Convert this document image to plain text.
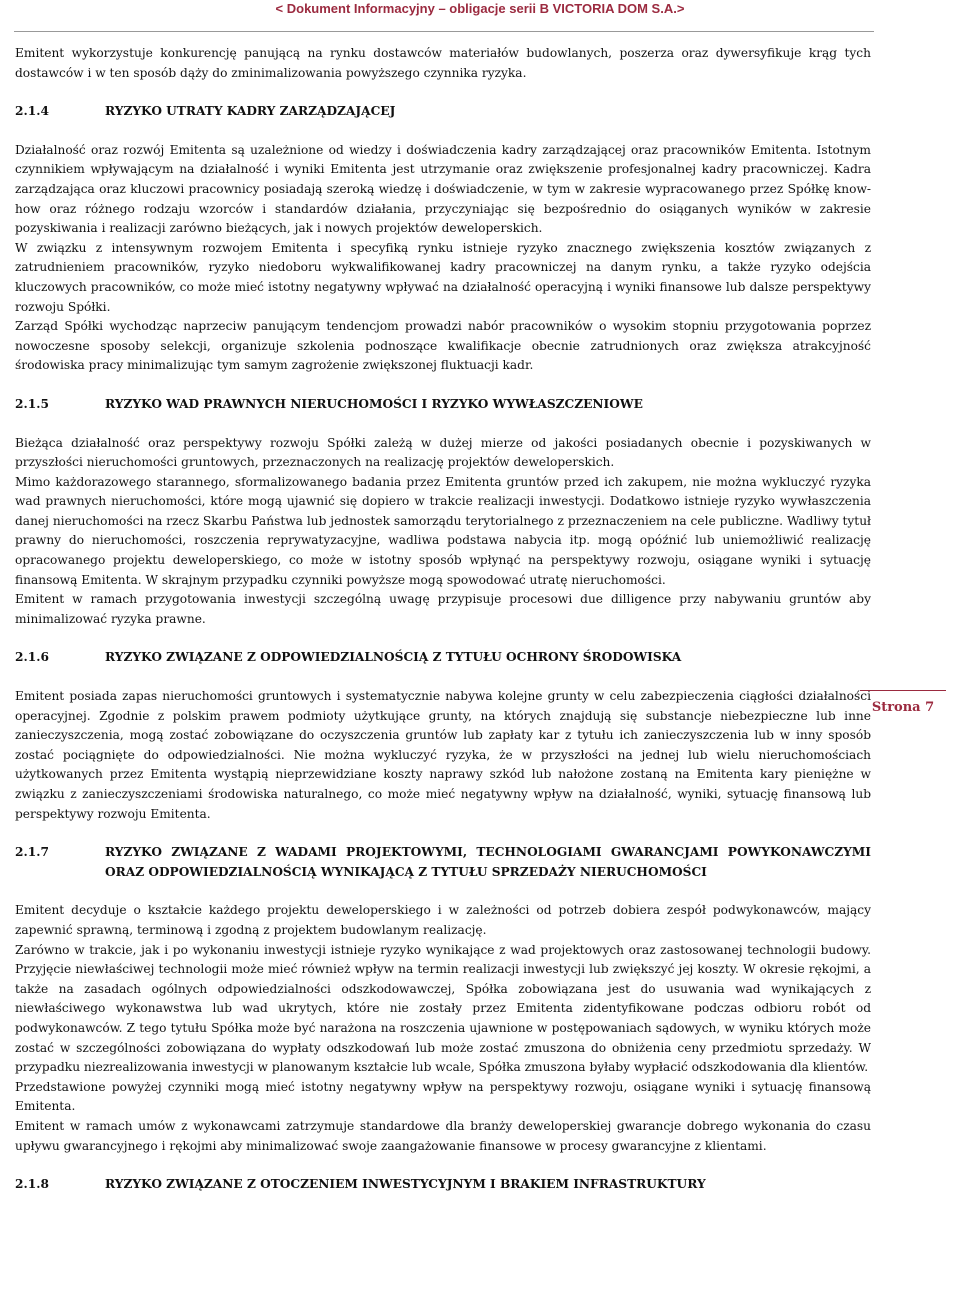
< Dokument Informacyjny – obligacje serii B VICTORIA DOM S.A.>
Strona 7

Emitent wykorzystuje konkurencję panującą na rynku dostawców materiałów budowlanych, poszerza oraz dywersyfikuje krąg tych dostawców i w ten sposób dąży do zminimalizowania powyższego czynnika ryzyka.

2.1.4	RYZYKO UTRATY KADRY ZARZĄDZAJĄCEJ

Działalność oraz rozwój Emitenta są uzależnione od wiedzy i doświadczenia kadry zarządzającej oraz pracowników Emitenta. Istotnym czynnikiem wpływającym na działalność i wyniki Emitenta jest utrzymanie oraz zwiększenie profesjonalnej kadry pracowniczej. Kadra zarządzająca oraz kluczowi pracownicy posiadają szeroką wiedzę i doświadczenie, w tym w zakresie wypracowanego przez Spółkę know-how oraz różnego rodzaju wzorców i standardów działania, przyczyniając się bezpośrednio do osiąganych wyników w zakresie pozyskiwania i realizacji zarówno bieżących, jak i nowych projektów deweloperskich.

W związku z intensywnym rozwojem Emitenta i specyfiką rynku istnieje ryzyko znacznego zwiększenia kosztów związanych z zatrudnieniem pracowników, ryzyko niedoboru wykwalifikowanej kadry pracowniczej na danym rynku, a także ryzyko odejścia kluczowych pracowników, co może mieć istotny negatywny wpływać na działalność operacyjną i wyniki finansowe lub dalsze perspektywy rozwoju Spółki.

Zarząd Spółki wychodząc naprzeciw panującym tendencjom prowadzi nabór pracowników o wysokim stopniu przygotowania poprzez nowoczesne sposoby selekcji, organizuje szkolenia podnoszące kwalifikacje obecnie zatrudnionych oraz zwiększa atrakcyjność środowiska pracy minimalizując tym samym zagrożenie zwiększonej fluktuacji kadr.

2.1.5	RYZYKO WAD PRAWNYCH NIERUCHOMOŚCI I RYZYKO WYWŁASZCZENIOWE

Bieżąca działalność oraz perspektywy rozwoju Spółki zależą w dużej mierze od jakości posiadanych obecnie i pozyskiwanych w przyszłości nieruchomości gruntowych, przeznaczonych na realizację projektów deweloperskich.

Mimo każdorazowego starannego, sformalizowanego badania przez Emitenta gruntów przed ich zakupem, nie można wykluczyć ryzyka wad prawnych nieruchomości, które mogą ujawnić się dopiero w trakcie realizacji inwestycji. Dodatkowo istnieje ryzyko wywłaszczenia danej nieruchomości na rzecz Skarbu Państwa lub jednostek samorządu terytorialnego z przeznaczeniem na cele publiczne. Wadliwy tytuł prawny do nieruchomości, roszczenia reprywatyzacyjne, wadliwa podstawa nabycia itp. mogą opóźnić lub uniemożliwić realizację opracowanego projektu deweloperskiego, co może w istotny sposób wpłynąć na perspektywy rozwoju, osiągane wyniki i sytuację finansową Emitenta. W skrajnym przypadku czynniki powyższe mogą spowodować utratę nieruchomości.

Emitent w ramach przygotowania inwestycji szczególną uwagę przypisuje procesowi due dilligence przy nabywaniu gruntów aby minimalizować ryzyka prawne.

2.1.6	RYZYKO ZWIĄZANE Z ODPOWIEDZIALNOŚCIĄ Z TYTUŁU OCHRONY ŚRODOWISKA

Emitent posiada zapas nieruchomości gruntowych i systematycznie nabywa kolejne grunty w celu zabezpieczenia ciągłości działalności operacyjnej. Zgodnie z polskim prawem podmioty użytkujące grunty, na których znajdują się substancje niebezpieczne lub inne zanieczyszczenia, mogą zostać zobowiązane do oczyszczenia gruntów lub zapłaty kar z tytułu ich zanieczyszczenia lub w inny sposób zostać pociągnięte do odpowiedzialności. Nie można wykluczyć ryzyka, że w przyszłości na jednej lub wielu nieruchomościach użytkowanych przez Emitenta wystąpią nieprzewidziane koszty naprawy szkód lub nałożone zostaną na Emitenta kary pieniężne w związku z zanieczyszczeniami środowiska naturalnego, co może mieć negatywny wpływ na działalność, wyniki, sytuację finansową lub perspektywy rozwoju Emitenta.

2.1.7	RYZYKO ZWIĄZANE Z WADAMI PROJEKTOWYMI, TECHNOLOGIAMI GWARANCJAMI POWYKONAWCZYMI ORAZ ODPOWIEDZIALNOŚCIĄ WYNIKAJĄCĄ Z TYTUŁU SPRZEDAŻY NIERUCHOMOŚCI

Emitent decyduje o kształcie każdego projektu deweloperskiego i w zależności od potrzeb dobiera zespół podwykonawców, mający zapewnić sprawną, terminową i zgodną z projektem budowlanym realizację.

Zarówno w trakcie, jak i po wykonaniu inwestycji istnieje ryzyko wynikające z wad projektowych oraz zastosowanej technologii budowy. Przyjęcie niewłaściwej technologii może mieć również wpływ na termin realizacji inwestycji lub zwiększyć jej koszty. W okresie rękojmi, a także na zasadach ogólnych odpowiedzialności odszkodowawczej, Spółka zobowiązana jest do usuwania wad wynikających z niewłaściwego wykonawstwa lub wad ukrytych, które nie zostały przez Emitenta zidentyfikowane podczas odbioru robót od podwykonawców. Z tego tytułu Spółka może być narażona na roszczenia ujawnione w postępowaniach sądowych, w wyniku których może zostać w szczególności zobowiązana do wypłaty odszkodowań lub może zostać zmuszona do obniżenia ceny przedmiotu sprzedaży. W przypadku niezrealizowania inwestycji w planowanym kształcie lub wcale, Spółka zmuszona byłaby wypłacić odszkodowania dla klientów.

Przedstawione powyżej czynniki mogą mieć istotny negatywny wpływ na perspektywy rozwoju, osiągane wyniki i sytuację finansową Emitenta.

Emitent w ramach umów z wykonawcami zatrzymuje standardowe dla branży deweloperskiej gwarancje dobrego wykonania do czasu upływu gwarancyjnego i rękojmi aby minimalizować swoje zaangażowanie finansowe w procesy gwarancyjne z klientami.

2.1.8	RYZYKO ZWIĄZANE Z OTOCZENIEM INWESTYCYJNYM I BRAKIEM INFRASTRUKTURY
